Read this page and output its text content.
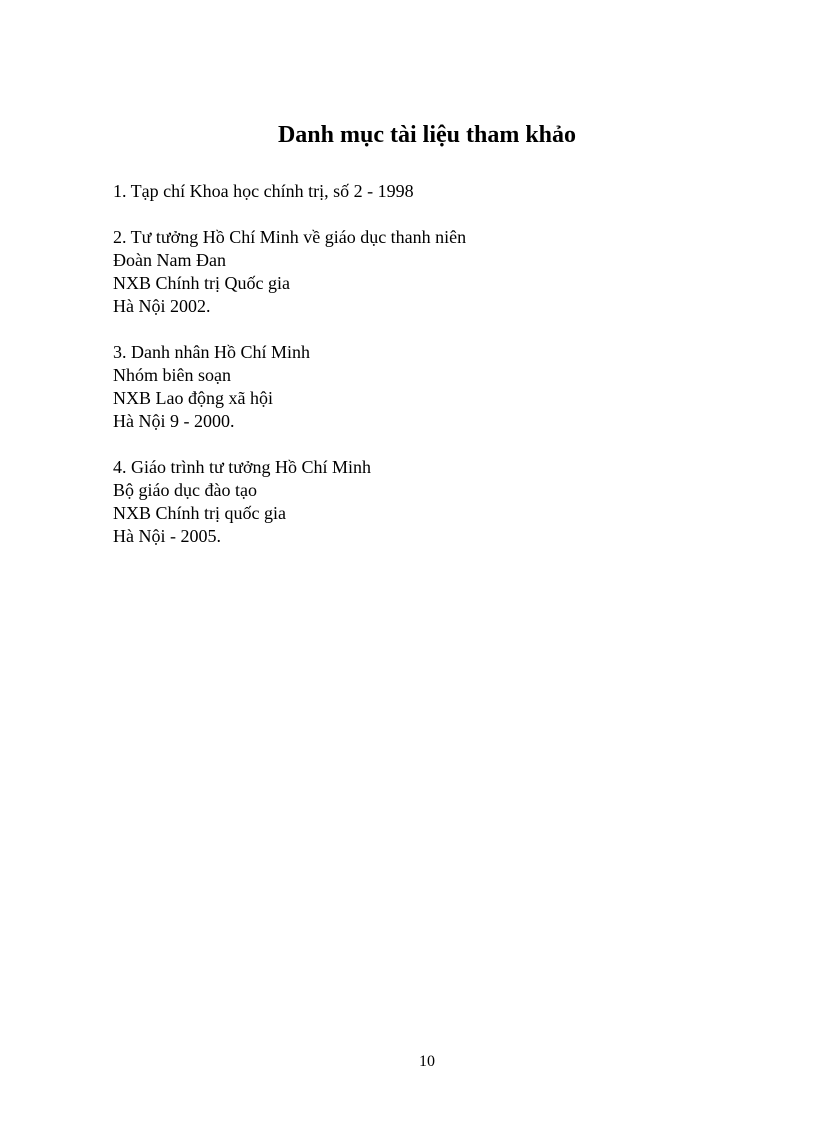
Danh mục tài liệu tham khảo
1. Tạp chí Khoa học chính trị, số 2 - 1998
2. Tư tưởng Hồ Chí Minh về giáo dục thanh niên
Đoàn Nam Đan
NXB Chính trị Quốc gia
Hà Nội 2002.
3. Danh nhân Hồ Chí Minh
Nhóm biên soạn
NXB Lao động xã hội
Hà Nội 9 - 2000.
4. Giáo trình tư tưởng Hồ Chí Minh
Bộ giáo dục đào tạo
NXB Chính trị quốc gia
Hà Nội - 2005.
10
